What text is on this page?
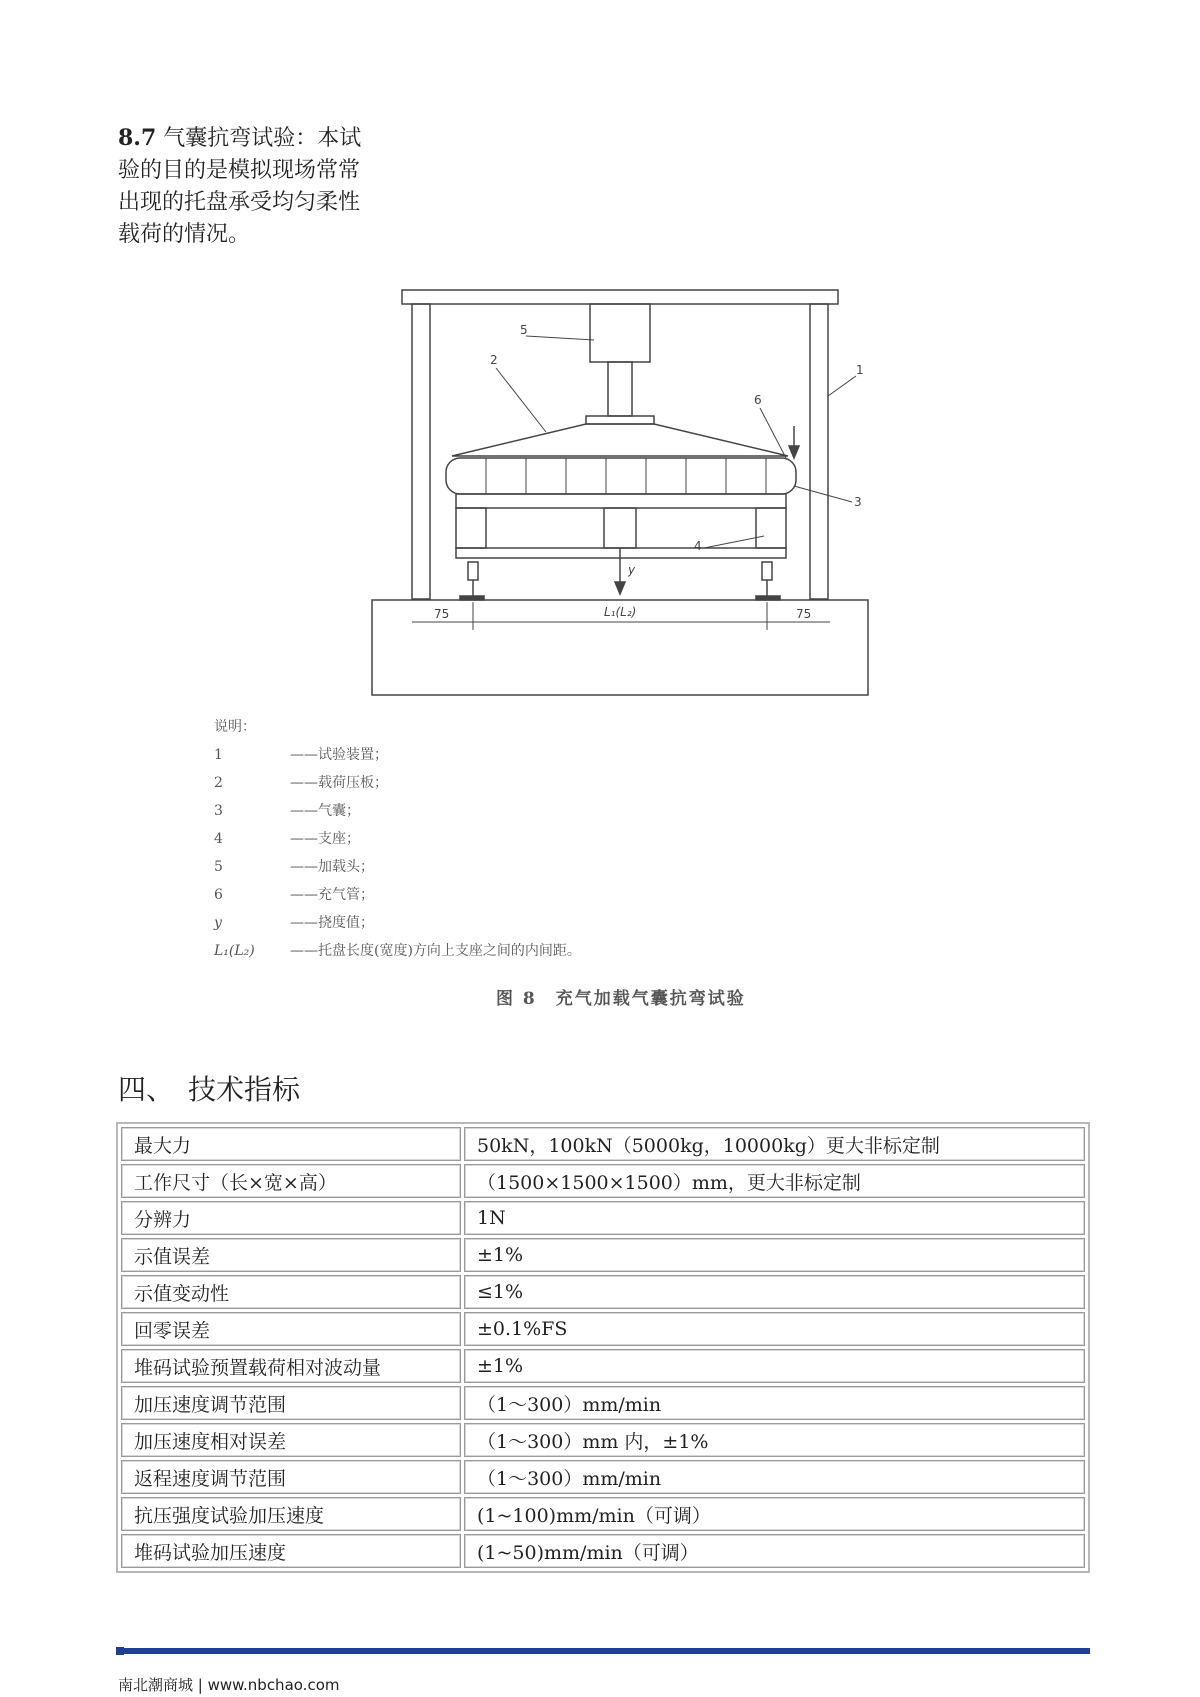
8.7 气囊抗弯试验：本试验的目的是模拟现场常常出现的托盘承受均匀柔性载荷的情况。
1
2
3
4
5
6
75	75
L₁(L₂)
y
说明：
1	——试验装置；
2	——载荷压板；
3	——气囊；
4	——支座；
5	——加载头；
6	——充气管；
y	——挠度值；
L₁(L₂)	——托盘长度(宽度)方向上支座之间的内间距。
图 8　充气加载气囊抗弯试验
四、　技术指标
最大力	50kN，100kN（5000kg，10000kg）更大非标定制
工作尺寸（长×宽×高）	（1500×1500×1500）mm，更大非标定制
分辨力	1N
示值误差	±1%
示值变动性	≤1%
回零误差	±0.1%FS
堆码试验预置载荷相对波动量	±1%
加压速度调节范围	（1～300）mm/min
加压速度相对误差	（1～300）mm 内，±1%
返程速度调节范围	（1～300）mm/min
抗压强度试验加压速度	(1~100)mm/min（可调）
堆码试验加压速度	(1~50)mm/min（可调）
南北潮商城 | www.nbchao.com
